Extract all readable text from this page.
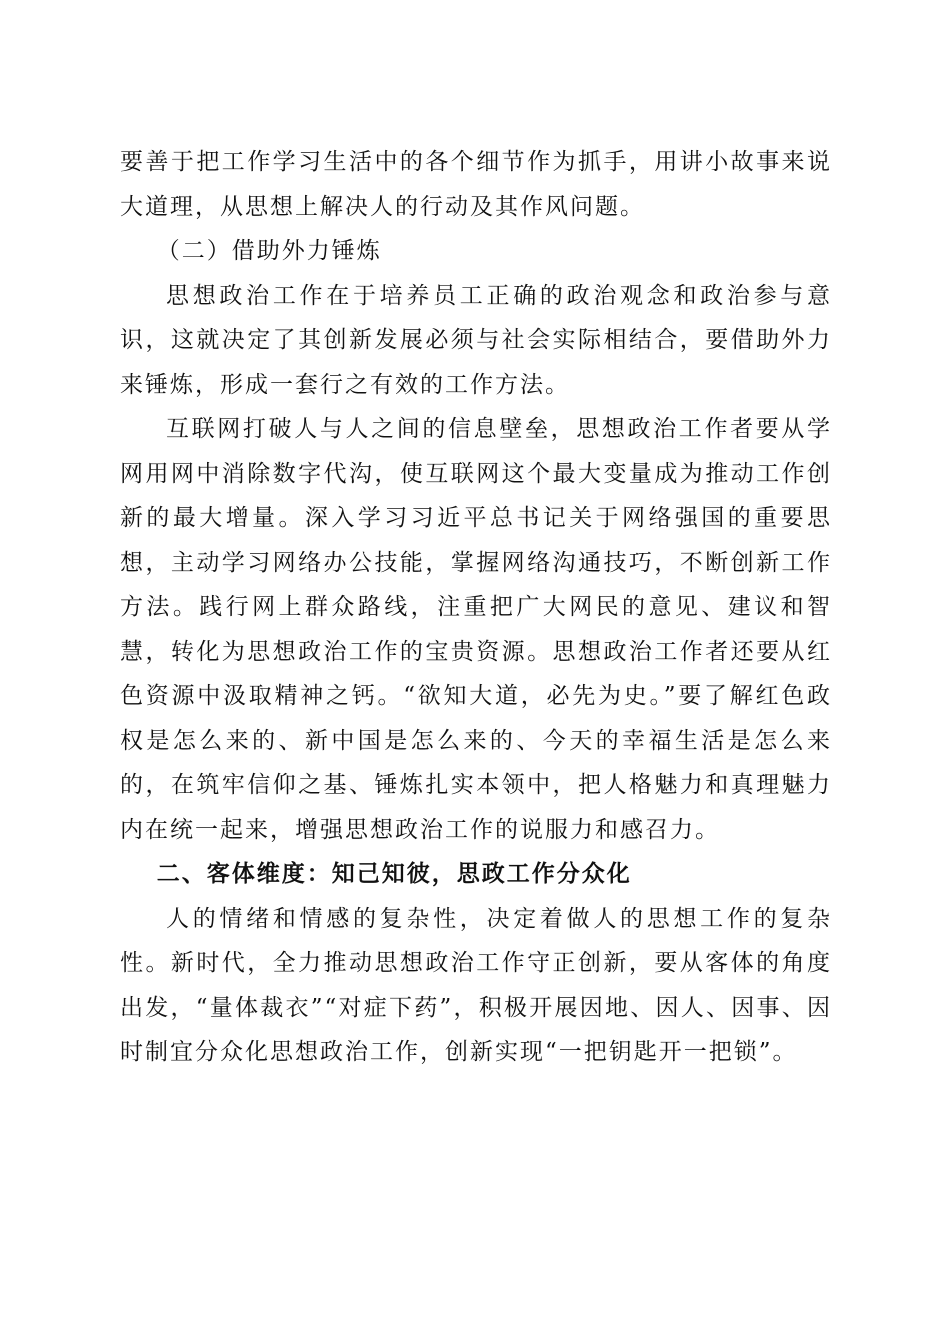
要善于把工作学习生活中的各个细节作为抓手，用讲小故事来说大道理，从思想上解决人的行动及其作风问题。

（二）借助外力锤炼

思想政治工作在于培养员工正确的政治观念和政治参与意识，这就决定了其创新发展必须与社会实际相结合，要借助外力来锤炼，形成一套行之有效的工作方法。

互联网打破人与人之间的信息壁垒，思想政治工作者要从学网用网中消除数字代沟，使互联网这个最大变量成为推动工作创新的最大增量。深入学习习近平总书记关于网络强国的重要思想，主动学习网络办公技能，掌握网络沟通技巧，不断创新工作方法。践行网上群众路线，注重把广大网民的意见、建议和智慧，转化为思想政治工作的宝贵资源。思想政治工作者还要从红色资源中汲取精神之钙。“欲知大道，必先为史。”要了解红色政权是怎么来的、新中国是怎么来的、今天的幸福生活是怎么来的，在筑牢信仰之基、锤炼扎实本领中，把人格魅力和真理魅力内在统一起来，增强思想政治工作的说服力和感召力。

二、客体维度：知己知彼，思政工作分众化

人的情绪和情感的复杂性，决定着做人的思想工作的复杂性。新时代，全力推动思想政治工作守正创新，要从客体的角度出发，“量体裁衣”“对症下药”，积极开展因地、因人、因事、因时制宜分众化思想政治工作，创新实现“一把钥匙开一把锁”。
